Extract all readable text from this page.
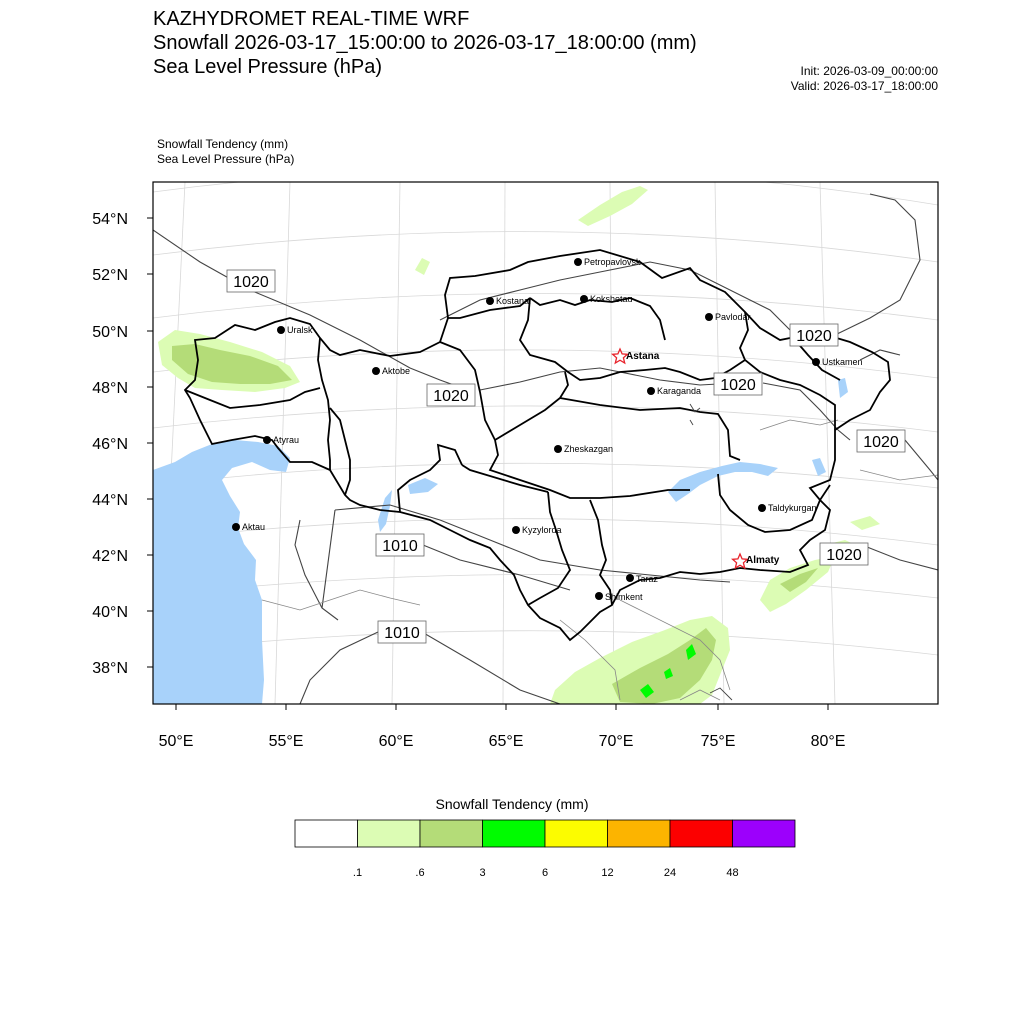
KAZHYDROMET REAL-TIME WRF
Snowfall 2026-03-17_15:00:00 to 2026-03-17_18:00:00 (mm)
Sea Level Pressure (hPa)	Init: 2026-03-09_00:00:00
Valid: 2026-03-17_18:00:00
Snowfall Tendency (mm)
Sea Level Pressure (hPa)
54°N
52°N
50°N
48°N
46°N
44°N
42°N
40°N
38°N
50°E	55°E	60°E	65°E	70°E	75°E	80°E
1020
1020
1020
1020
1020
1020
1010
1010
Petropavlovsk
Kostanai	Kokshetau
Uralsk
Pavlodar
Astana
Aktobe
Karaganda
Ustkamen
Atyrau
Zheskazgan
Taldykurgan
Aktau	Kyzylorda
Almaty
Taraz
Shimkent
Snowfall Tendency (mm)
.1	.6	3	6	12	24	48
